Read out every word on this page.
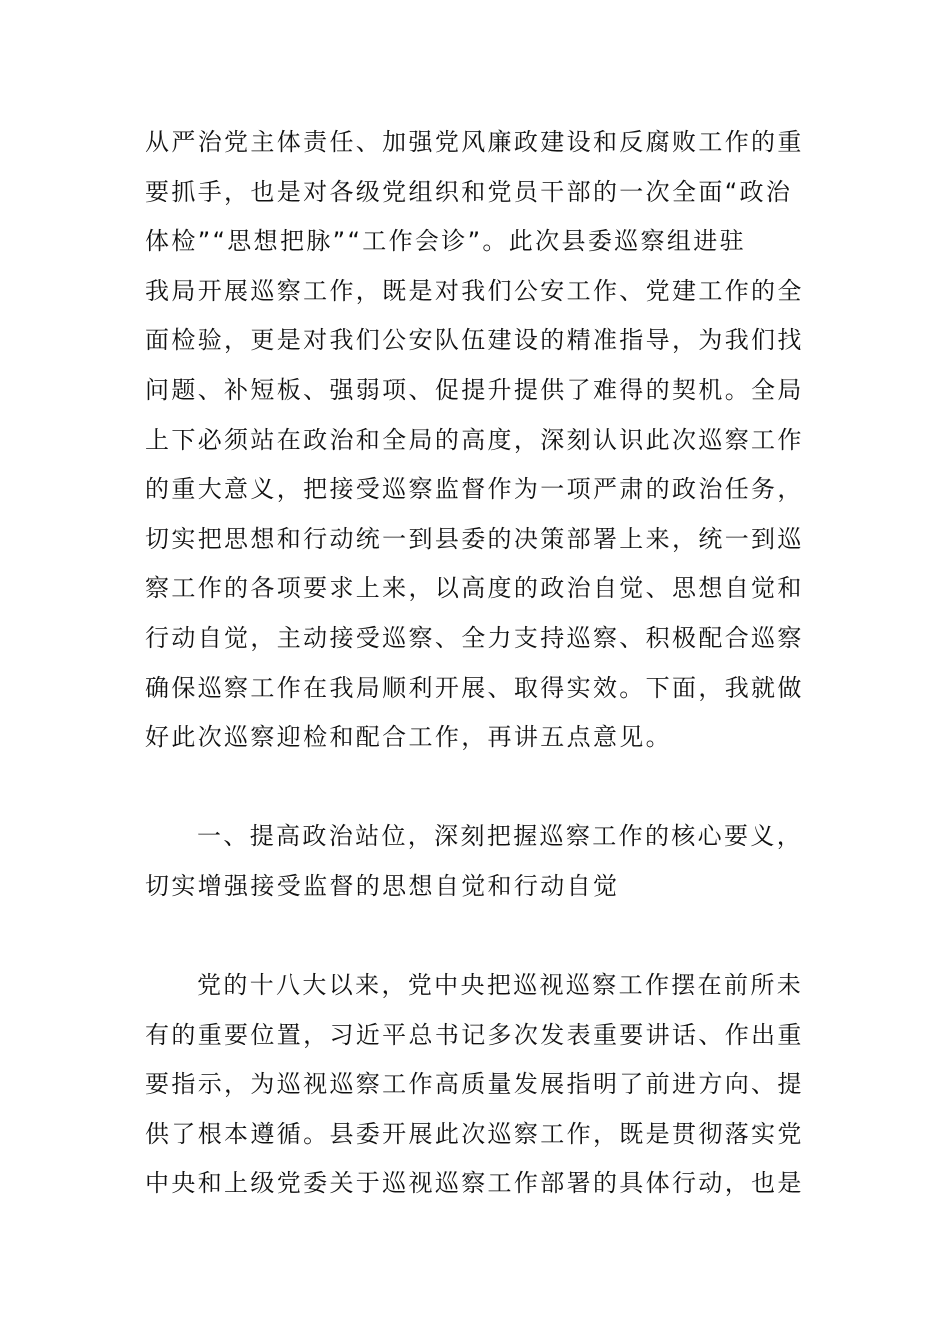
从严治党主体责任、加强党风廉政建设和反腐败工作的重
要抓手，也是对各级党组织和党员干部的一次全面“政治
体检”“思想把脉”“工作会诊”。此次县委巡察组进驻
我局开展巡察工作，既是对我们公安工作、党建工作的全
面检验，更是对我们公安队伍建设的精准指导，为我们找
问题、补短板、强弱项、促提升提供了难得的契机。全局
上下必须站在政治和全局的高度，深刻认识此次巡察工作
的重大意义，把接受巡察监督作为一项严肃的政治任务，
切实把思想和行动统一到县委的决策部署上来，统一到巡
察工作的各项要求上来，以高度的政治自觉、思想自觉和
行动自觉，主动接受巡察、全力支持巡察、积极配合巡察
确保巡察工作在我局顺利开展、取得实效。下面，我就做
好此次巡察迎检和配合工作，再讲五点意见。
一、提高政治站位，深刻把握巡察工作的核心要义，
切实增强接受监督的思想自觉和行动自觉
党的十八大以来，党中央把巡视巡察工作摆在前所未
有的重要位置，习近平总书记多次发表重要讲话、作出重
要指示，为巡视巡察工作高质量发展指明了前进方向、提
供了根本遵循。县委开展此次巡察工作，既是贯彻落实党
中央和上级党委关于巡视巡察工作部署的具体行动，也是
